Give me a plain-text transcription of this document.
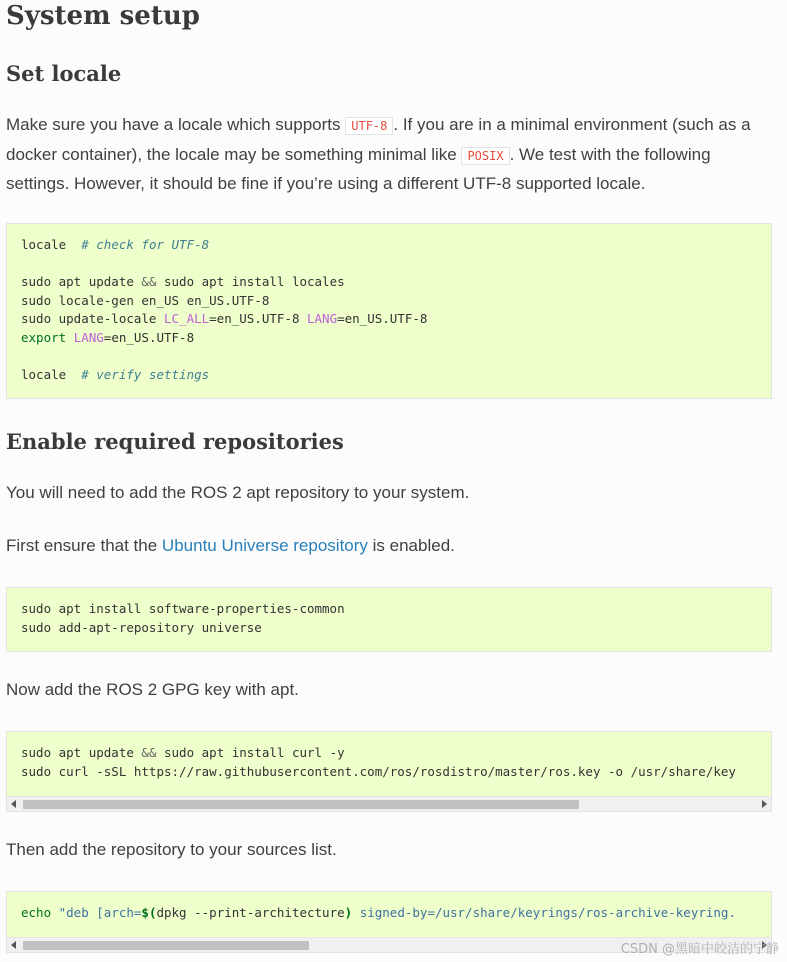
System setup
Set locale

Make sure you have a locale which supports UTF-8 . If you are in a minimal environment (such as a docker container), the locale may be something minimal like POSIX . We test with the following settings. However, it should be fine if you’re using a different UTF-8 supported locale.

locale # check for UTF-8

sudo apt update && sudo apt install locales
sudo locale-gen en_US en_US.UTF-8
sudo update-locale LC_ALL=en_US.UTF-8 LANG=en_US.UTF-8
export LANG=en_US.UTF-8

locale # verify settings
Enable required repositories

You will need to add the ROS 2 apt repository to your system.

First ensure that the Ubuntu Universe repository is enabled.

sudo apt install software-properties-common
sudo add-apt-repository universe

Now add the ROS 2 GPG key with apt.

sudo apt update && sudo apt install curl -y
sudo curl -sSL https://raw.githubusercontent.com/ros/rosdistro/master/ros.key -o /usr/share/key

Then add the repository to your sources list.

echo "deb [arch=$(dpkg --print-architecture) signed-by=/usr/share/keyrings/ros-archive-keyring.
CSDN @黑暗中皎洁的宁静
